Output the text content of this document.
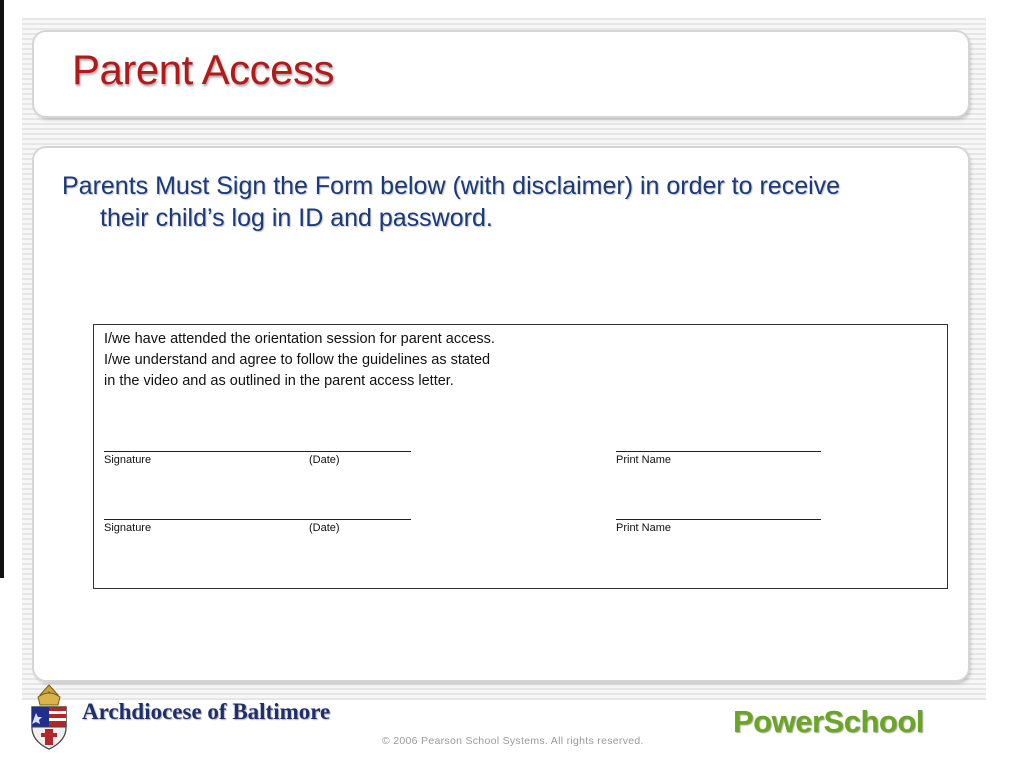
Parent Access
Parents Must Sign the Form below (with disclaimer) in order to receive their child’s log in ID and password.
I/we have attended the orientation session for parent access.
I/we understand and agree to follow the guidelines as stated
in the video and as outlined in the parent access letter.
Signature	(Date)	Print Name
Signature	(Date)	Print Name
Archdiocese of Baltimore
© 2006 Pearson School Systems. All rights reserved.
PowerSchool
